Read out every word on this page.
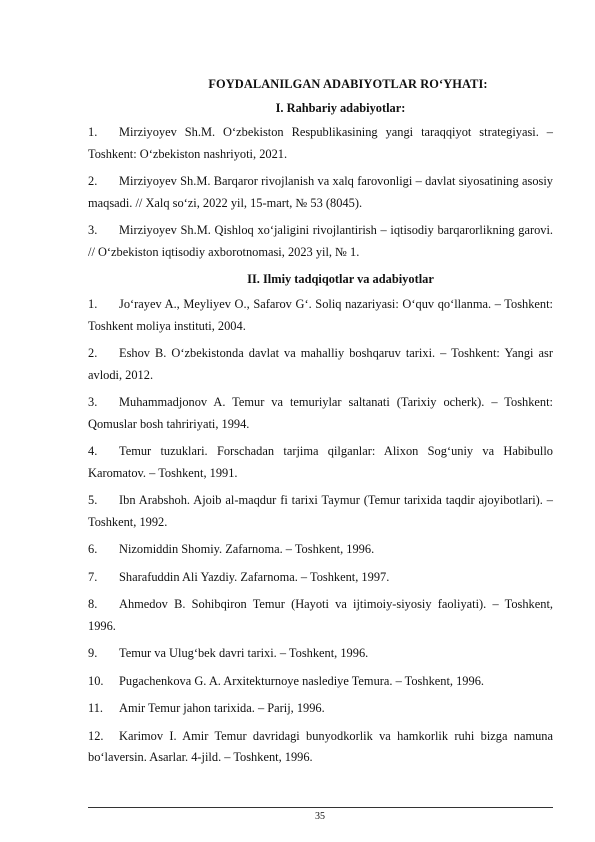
FOYDALANILGAN ADABIYOTLAR RO‘YHATI:
I. Rahbariy adabiyotlar:
1. Mirziyoyev Sh.M. O‘zbekiston Respublikasining yangi taraqqiyot strategiyasi. – Toshkent: O‘zbekiston nashriyoti, 2021.
2. Mirziyoyev Sh.M. Barqaror rivojlanish va xalq farovonligi – davlat siyosatining asosiy maqsadi. // Xalq so‘zi, 2022 yil, 15-mart, № 53 (8045).
3. Mirziyoyev Sh.M. Qishloq xo‘jaligini rivojlantirish – iqtisodiy barqarorlikning garovi. // O‘zbekiston iqtisodiy axborotnomasi, 2023 yil, № 1.
II. Ilmiy tadqiqotlar va adabiyotlar
1. Joʻrayev A., Meyliyev O., Safarov Gʻ. Soliq nazariyasi: Oʻquv qoʻllanma. – Toshkent: Toshkent moliya instituti, 2004.
2. Eshov B. Oʻzbekistonda davlat va mahalliy boshqaruv tarixi. – Toshkent: Yangi asr avlodi, 2012.
3. Muhammadjonov A. Temur va temuriylar saltanati (Tarixiy ocherk). – Toshkent: Qomuslar bosh tahririyati, 1994.
4. Temur tuzuklari. Forschadan tarjima qilganlar: Alixon Sogʻuniy va Habibullo Karomatov. – Toshkent, 1991.
5. Ibn Arabshoh. Ajoib al-maqdur fi tarixi Taymur (Temur tarixida taqdir ajoyibotlari). – Toshkent, 1992.
6. Nizomiddin Shomiy. Zafarnoma. – Toshkent, 1996.
7. Sharafuddin Ali Yazdiy. Zafarnoma. – Toshkent, 1997.
8. Ahmedov B. Sohibqiron Temur (Hayoti va ijtimoiy-siyosiy faoliyati). – Toshkent, 1996.
9. Temur va Ulugʻbek davri tarixi. – Toshkent, 1996.
10. Pugachenkova G. A. Arxitekturnoye naslediye Temura. – Toshkent, 1996.
11. Amir Temur jahon tarixida. – Parij, 1996.
12. Karimov I. Amir Temur davridagi bunyodkorlik va hamkorlik ruhi bizga namuna boʻlaversin. Asarlar. 4-jild. – Toshkent, 1996.
35
